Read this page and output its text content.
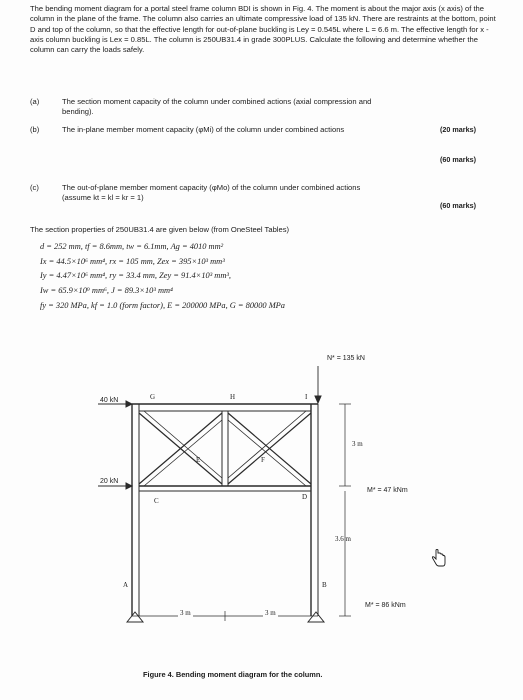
The bending moment diagram for a portal steel frame column BDI is shown in Fig. 4. The moment is about the major axis (x axis) of the column in the plane of the frame. The column also carries an ultimate compressive load of 135 kN. There are restraints at the bottom, point D and top of the column, so that the effective length for out-of-plane buckling is Ley = 0.545L where L = 6.6 m. The effective length for x - axis column buckling is Lex = 0.85L. The column is 250UB31.4 in grade 300PLUS. Calculate the following and determine whether the column can carry the loads safely.
(a)	The section moment capacity of the column under combined actions (axial compression and
bending).
(20 marks)
(b)	The in-plane member moment capacity (φMi) of the column under combined actions
(60 marks)
(c)	The out-of-plane member moment capacity (φMo) of the column under combined actions
(assume kt = kl = kr = 1)
(60 marks)
The section properties of 250UB31.4 are given below (from OneSteel Tables)
d = 252 mm, tf = 8.6mm, tw = 6.1mm, Ag = 4010 mm²
Ix = 44.5×10⁶ mm⁴, rx = 105 mm, Zex = 395×10³ mm³
Iy = 4.47×10⁶ mm⁴, ry = 33.4 mm, Zey = 91.4×10³ mm³,
Iw = 65.9×10⁹ mm⁶, J = 89.3×10³ mm⁴
fy = 320 MPa, kf = 1.0 (form factor), E = 200000 MPa, G = 80000 MPa
N* = 135 kN
40 kN
20 kN
G	H	I
E	F
C	D
A	B
3 m
3.6 m
3 m	3 m
M* = 47 kNm
M* = 86 kNm
Figure 4. Bending moment diagram for the column.
